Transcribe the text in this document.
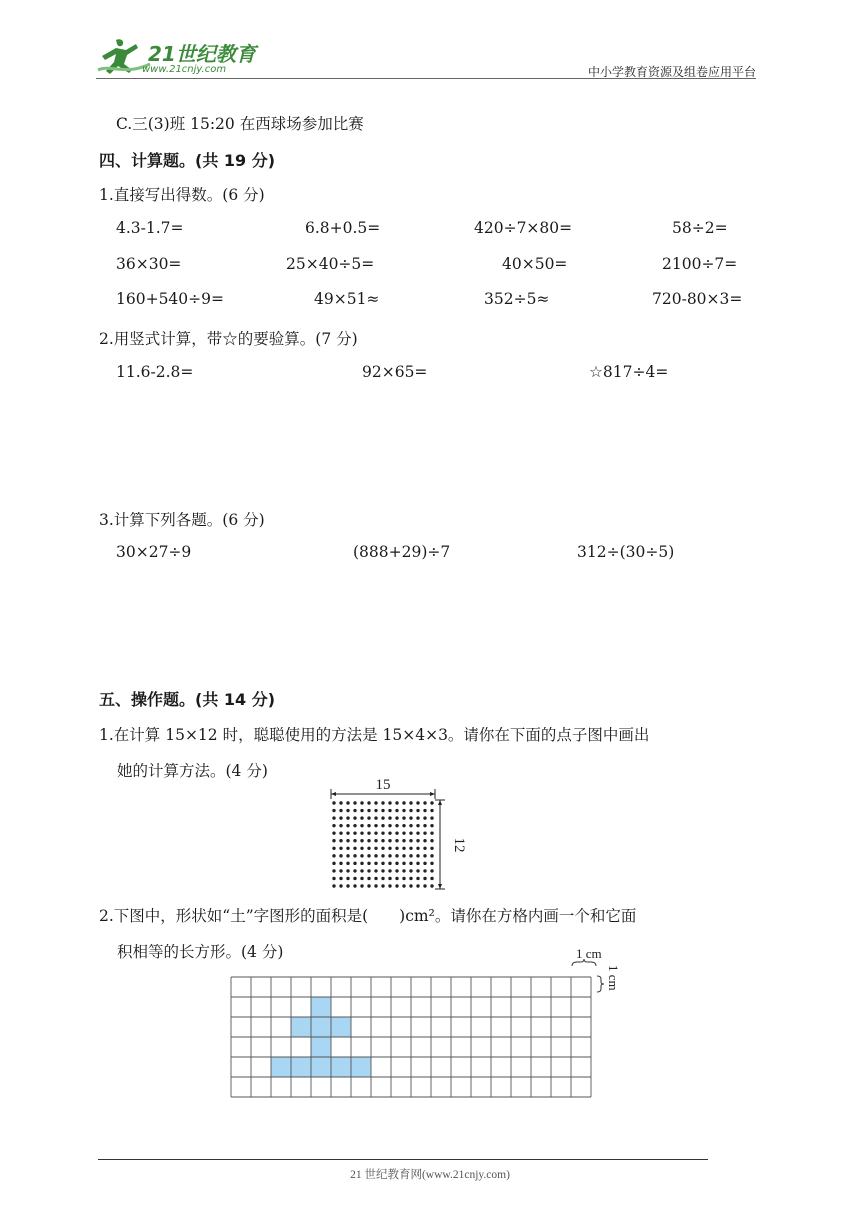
21世纪教育
www.21cnjy.com	中小学教育资源及组卷应用平台
C.三(3)班 15:20 在西球场参加比赛
四、计算题。(共 19 分)
1.直接写出得数。(6 分)
4.3-1.7=	6.8+0.5=	420÷7×80=	58÷2=
36×30=	25×40÷5=	40×50=	2100÷7=
160+540÷9=	49×51≈	352÷5≈	720-80×3=
2.用竖式计算，带☆的要验算。(7 分)
11.6-2.8=	92×65=	☆817÷4=
3.计算下列各题。(6 分)
30×27÷9	(888+29)÷7	312÷(30÷5)
五、操作题。(共 14 分)
1.在计算 15×12 时，聪聪使用的方法是 15×4×3。请你在下面的点子图中画出
她的计算方法。(4 分)
15
12
2.下图中，形状如“土”字图形的面积是(　　)cm²。请你在方格内画一个和它面
积相等的长方形。(4 分)	1 cm
1 cm
21 世纪教育网(www.21cnjy.com)
